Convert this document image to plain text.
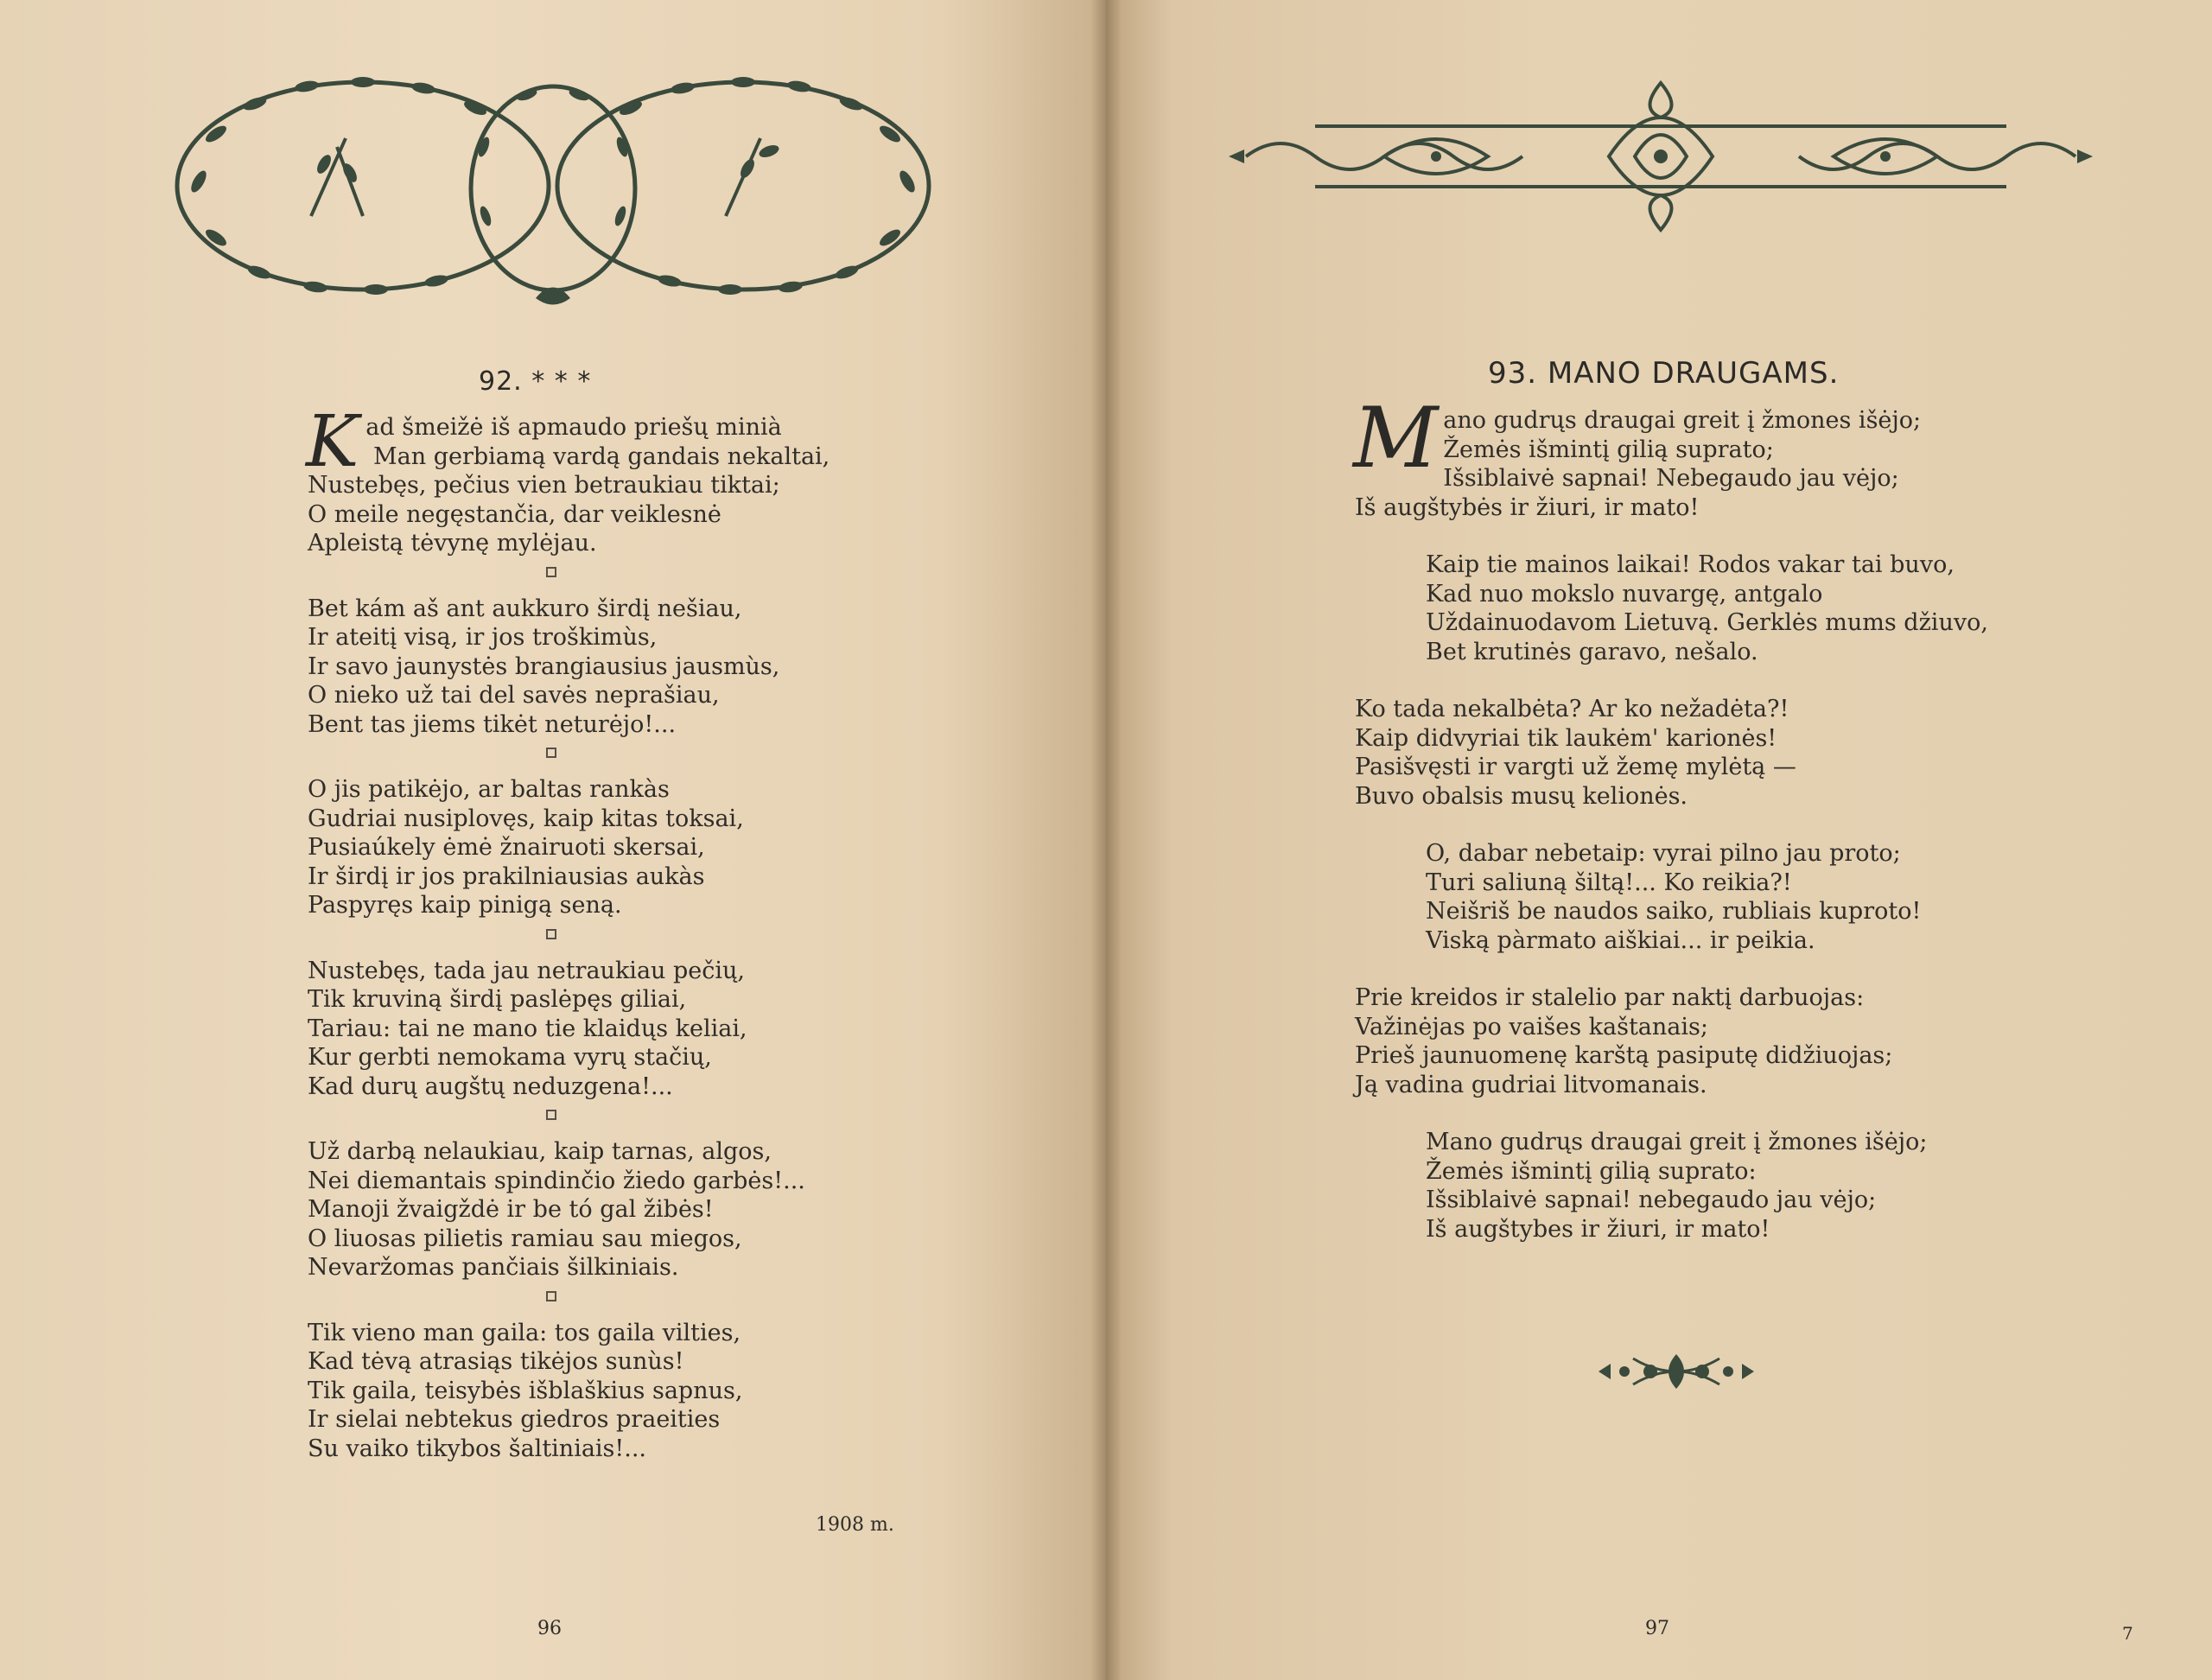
92. * * *
K ad šmeižė iš apmaudo priešų minià
Man gerbiamą vardą gandais nekaltai,
Nustebęs, pečius vien betraukiau tiktai;
O meile negęstančia, dar veiklesnė
Apleistą tėvynę mylėjau.
Bet kám aš ant aukkuro širdį nešiau,
Ir ateitį visą, ir jos troškimùs,
Ir savo jaunystės brangiausius jausmùs,
O nieko už tai del savės neprašiau,
Bent tas jiems tikėt neturėjo!...
O jis patikėjo, ar baltas rankàs
Gudriai nusiplovęs, kaip kitas toksai,
Pusiaúkely ėmė žnairuoti skersai,
Ir širdį ir jos prakilniausias aukàs
Paspyręs kaip pinigą seną.
Nustebęs, tada jau netraukiau pečių,
Tik kruviną širdį paslėpęs giliai,
Tariau: tai ne mano tie klaidųs keliai,
Kur gerbti nemokama vyrų stačių,
Kad durų augštų neduzgena!...
Už darbą nelaukiau, kaip tarnas, algos,
Nei diemantais spindinčio žiedo garbės!...
Manoji žvaigždė ir be tó gal žibės!
O liuosas pilietis ramiau sau miegos,
Nevaržomas pančiais šilkiniais.
Tik vieno man gaila: tos gaila vilties,
Kad tėvą atrasiąs tikėjos sunùs!
Tik gaila, teisybės išblaškius sapnus,
Ir sielai nebtekus giedros praeities
Su vaiko tikybos šaltiniais!...
1908 m.
96
93. MANO DRAUGAMS.
M ano gudrųs draugai greit į žmones išėjo;
Žemės išmintį gilią suprato;
Išsiblaivė sapnai! Nebegaudo jau vėjo;
Iš augštybės ir žiuri, ir mato!
Kaip tie mainos laikai! Rodos vakar tai buvo,
Kad nuo mokslo nuvargę, antgalo
Uždainuodavom Lietuvą. Gerklės mums džiuvo,
Bet krutinės garavo, nešalo.
Ko tada nekalbėta? Ar ko nežadėta?!
Kaip didvyriai tik laukėm' karionės!
Pasišvęsti ir vargti už žemę mylėtą —
Buvo obalsis musų kelionės.
O, dabar nebetaip: vyrai pilno jau proto;
Turi saliuną šiltą!... Ko reikia?!
Neišriš be naudos saiko, rubliais kuproto!
Viską pàrmato aiškiai... ir peikia.
Prie kreidos ir stalelio par naktį darbuojas:
Važinėjas po vaišes kaštanais;
Prieš jaunuomenę karštą pasiputę didžiuojas;
Ją vadina gudriai litvomanais.
Mano gudrųs draugai greit į žmones išėjo;
Žemės išmintį gilią suprato:
Išsiblaivė sapnai! nebegaudo jau vėjo;
Iš augštybes ir žiuri, ir mato!
97	7
